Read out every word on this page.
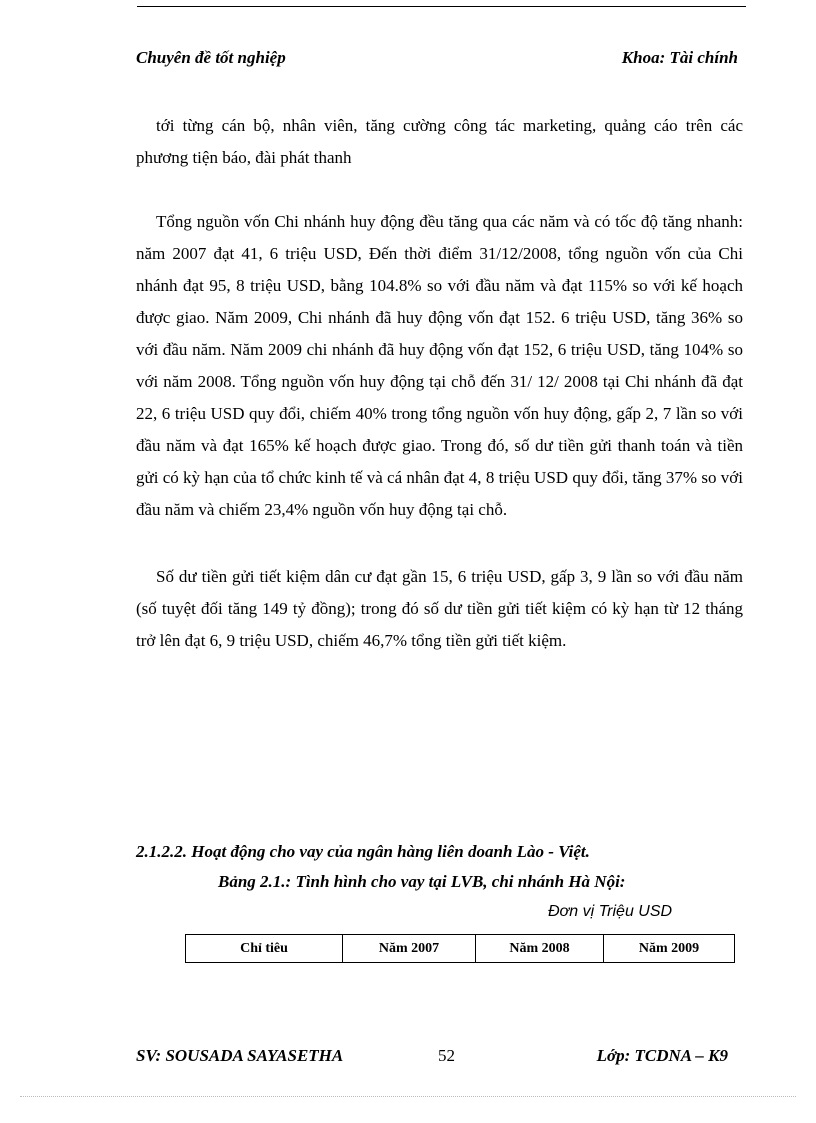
Chuyên đề tốt nghiệp	Khoa: Tài chính

tới từng cán bộ, nhân viên, tăng cường công tác marketing, quảng cáo trên các phương tiện báo, đài phát thanh

Tổng nguồn vốn Chi nhánh huy động đều tăng qua các năm và có tốc độ tăng nhanh: năm 2007 đạt 41, 6 triệu USD, Đến thời điểm 31/12/2008, tổng nguồn vốn của Chi nhánh đạt 95, 8 triệu USD, bằng 104.8% so với đầu năm và đạt 115% so với kế hoạch được giao. Năm 2009, Chi nhánh đã huy động vốn đạt 152. 6 triệu USD, tăng 36% so với đầu năm. Năm 2009 chi nhánh đã huy động vốn đạt 152, 6 triệu USD, tăng 104% so với năm 2008. Tổng nguồn vốn huy động tại chỗ đến 31/ 12/ 2008 tại Chi nhánh đã đạt 22, 6 triệu USD quy đổi, chiếm 40% trong tổng nguồn vốn huy động, gấp 2, 7 lần so với đầu năm và đạt 165% kế hoạch được giao. Trong đó, số dư tiền gửi thanh toán và tiền gửi có kỳ hạn của tổ chức kinh tế và cá nhân đạt 4, 8 triệu USD quy đổi, tăng 37% so với đầu năm và chiếm 23,4% nguồn vốn huy động tại chỗ.

Số dư tiền gửi tiết kiệm dân cư đạt gần 15, 6 triệu USD, gấp 3, 9 lần so với đầu năm (số tuyệt đối tăng 149 tỷ đồng); trong đó số dư tiền gửi tiết kiệm có kỳ hạn từ 12 tháng trở lên đạt 6, 9 triệu USD, chiếm 46,7% tổng tiền gửi tiết kiệm.

2.1.2.2. Hoạt động cho vay của ngân hàng liên doanh Lào - Việt.
Bảng 2.1.: Tình hình cho vay tại LVB, chi nhánh Hà Nội:
Đơn vị Triệu USD
Chỉ tiêu	Năm 2007	Năm 2008	Năm 2009
SV: SOUSADA SAYASETHA	52	Lớp: TCDNA – K9
